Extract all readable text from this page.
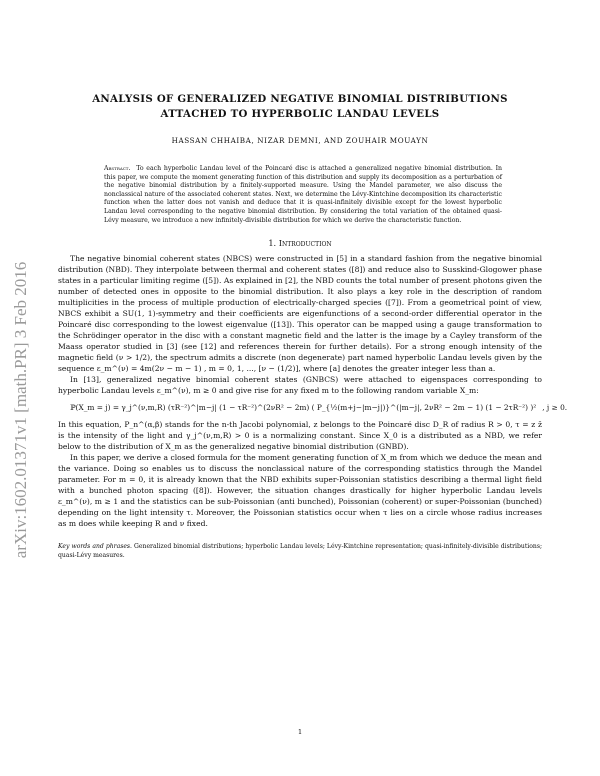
arXiv:1602.01371v1 [math.PR] 3 Feb 2016
ANALYSIS OF GENERALIZED NEGATIVE BINOMIAL DISTRIBUTIONS
ATTACHED TO HYPERBOLIC LANDAU LEVELS
HASSAN CHHAIBA, NIZAR DEMNI, AND ZOUHAIR MOUAYN
Abstract. To each hyperbolic Landau level of the Poincaré disc is attached a generalized negative binomial distribution. In this paper, we compute the moment generating function of this distribution and supply its decomposition as a perturbation of the negative binomial distribution by a finitely-supported measure. Using the Mandel parameter, we also discuss the nonclassical nature of the associated coherent states. Next, we determine the Lévy-Kintchine decomposition its characteristic function when the latter does not vanish and deduce that it is quasi-infinitely divisible except for the lowest hyperbolic Landau level corresponding to the negative binomial distribution. By considering the total variation of the obtained quasi-Lévy measure, we introduce a new infinitely-divisible distribution for which we derive the characteristic function.
1. Introduction

The negative binomial coherent states (NBCS) were constructed in [5] in a standard fashion from the negative binomial distribution (NBD). They interpolate between thermal and coherent states ([8]) and reduce also to Susskind-Glogower phase states in a particular limiting regime ([5]). As explained in [2], the NBD counts the total number of present photons given the number of detected ones in opposite to the binomial distribution. It also plays a key role in the description of random multiplicities in the process of multiple production of electrically-charged species ([7]). From a geometrical point of view, NBCS exhibit a SU(1, 1)-symmetry and their coefficients are eigenfunctions of a second-order differential operator in the Poincaré disc corresponding to the lowest eigenvalue ([13]). This operator can be mapped using a gauge transformation to the Schrödinger operator in the disc with a constant magnetic field and the latter is the image by a Cayley transform of the Maass operator studied in [3] (see [12] and references therein for further details). For a strong enough intensity of the magnetic field (ν > 1/2), the spectrum admits a discrete (non degenerate) part named hyperbolic Landau levels given by the sequence ε_m^(ν) = 4m(2ν − m − 1) , m = 0, 1, ..., [ν − (1/2)], where [a] denotes the greater integer less than a.

In [13], generalized negative binomial coherent states (GNBCS) were attached to eigenspaces corresponding to hyperbolic Landau levels ε_m^(ν), m ≥ 0 and give rise for any fixed m to the following random variable X_m:

ℙ(X_m = j) = γ_j^(ν,m,R) (τR⁻²)^|m−j| (1 − τR⁻²)^(2νR² − 2m) ( P_{½(m+j−|m−j|)}^(|m−j|, 2νR² − 2m − 1) (1 − 2τR⁻²) )² , j ≥ 0.

In this equation, P_n^(α,β) stands for the n-th Jacobi polynomial, z belongs to the Poincaré disc D_R of radius R > 0, τ = z z̄ is the intensity of the light and γ_j^(ν,m,R) > 0 is a normalizing constant. Since X_0 is a distributed as a NBD, we refer below to the distribution of X_m as the generalized negative binomial distribution (GNBD).

In this paper, we derive a closed formula for the moment generating function of X_m from which we deduce the mean and the variance. Doing so enables us to discuss the nonclassical nature of the corresponding statistics through the Mandel parameter. For m = 0, it is already known that the NBD exhibits super-Poissonian statistics describing a thermal light field with a bunched photon spacing ([8]). However, the situation changes drastically for higher hyperbolic Landau levels ε_m^(ν), m ≥ 1 and the statistics can be sub-Poissonian (anti bunched), Poissonian (coherent) or super-Poissonian (bunched) depending on the light intensity τ. Moreover, the Poissonian statistics occur when τ lies on a circle whose radius increases as m does while keeping R and ν fixed.

Key words and phrases. Generalized binomial distributions; hyperbolic Landau levels; Lévy-Kintchine representation; quasi-infinitely-divisible distributions; quasi-Lévy measures.
1
